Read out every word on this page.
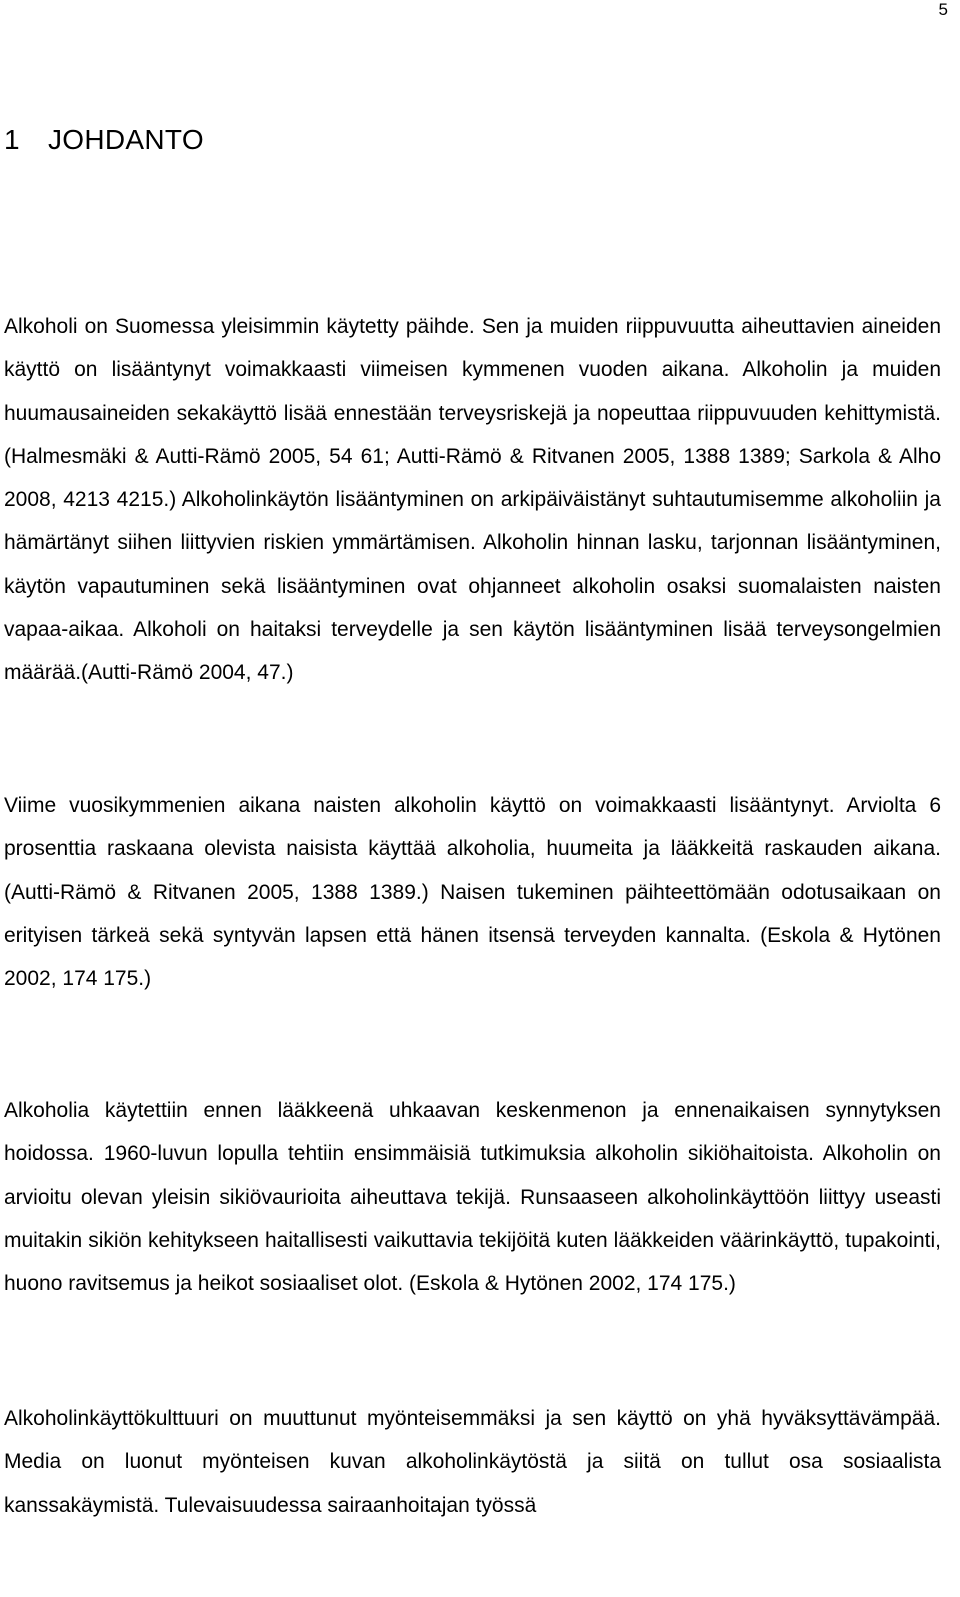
5
1 JOHDANTO

Alkoholi on Suomessa yleisimmin käytetty päihde. Sen ja muiden riippuvuutta aiheuttavien aineiden käyttö on lisääntynyt voimakkaasti viimeisen kymmenen vuoden aikana. Alkoholin ja muiden huumausaineiden sekakäyttö lisää ennestään terveysriskejä ja nopeuttaa riippuvuuden kehittymistä. (Halmesmäki & Autti-Rämö 2005, 54 61; Autti-Rämö & Ritvanen 2005, 1388 1389; Sarkola & Alho 2008, 4213 4215.) Alkoholinkäytön lisääntyminen on arkipäiväistänyt suhtautumisemme alkoholiin ja hämärtänyt siihen liittyvien riskien ymmärtämisen. Alkoholin hinnan lasku, tarjonnan lisääntyminen, käytön vapautuminen sekä lisääntyminen ovat ohjanneet alkoholin osaksi suomalaisten naisten vapaa-aikaa. Alkoholi on haitaksi terveydelle ja sen käytön lisääntyminen lisää terveysongelmien määrää.(Autti-Rämö 2004, 47.)

Viime vuosikymmenien aikana naisten alkoholin käyttö on voimakkaasti lisääntynyt. Arviolta 6 prosenttia raskaana olevista naisista käyttää alkoholia, huumeita ja lääkkeitä raskauden aikana. (Autti-Rämö & Ritvanen 2005, 1388 1389.) Naisen tukeminen päihteettömään odotusaikaan on erityisen tärkeä sekä syntyvän lapsen että hänen itsensä terveyden kannalta. (Eskola & Hytönen 2002, 174 175.)

Alkoholia käytettiin ennen lääkkeenä uhkaavan keskenmenon ja ennenaikaisen synnytyksen hoidossa. 1960-luvun lopulla tehtiin ensimmäisiä tutkimuksia alkoholin sikiöhaitoista. Alkoholin on arvioitu olevan yleisin sikiövaurioita aiheuttava tekijä. Runsaaseen alkoholinkäyttöön liittyy useasti muitakin sikiön kehitykseen haitallisesti vaikuttavia tekijöitä kuten lääkkeiden väärinkäyttö, tupakointi, huono ravitsemus ja heikot sosiaaliset olot. (Eskola & Hytönen 2002, 174 175.)

Alkoholinkäyttökulttuuri on muuttunut myönteisemmäksi ja sen käyttö on yhä hyväksyttävämpää. Media on luonut myönteisen kuvan alkoholinkäytöstä ja siitä on tullut osa sosiaalista kanssakäymistä. Tulevaisuudessa sairaanhoitajan työssä
